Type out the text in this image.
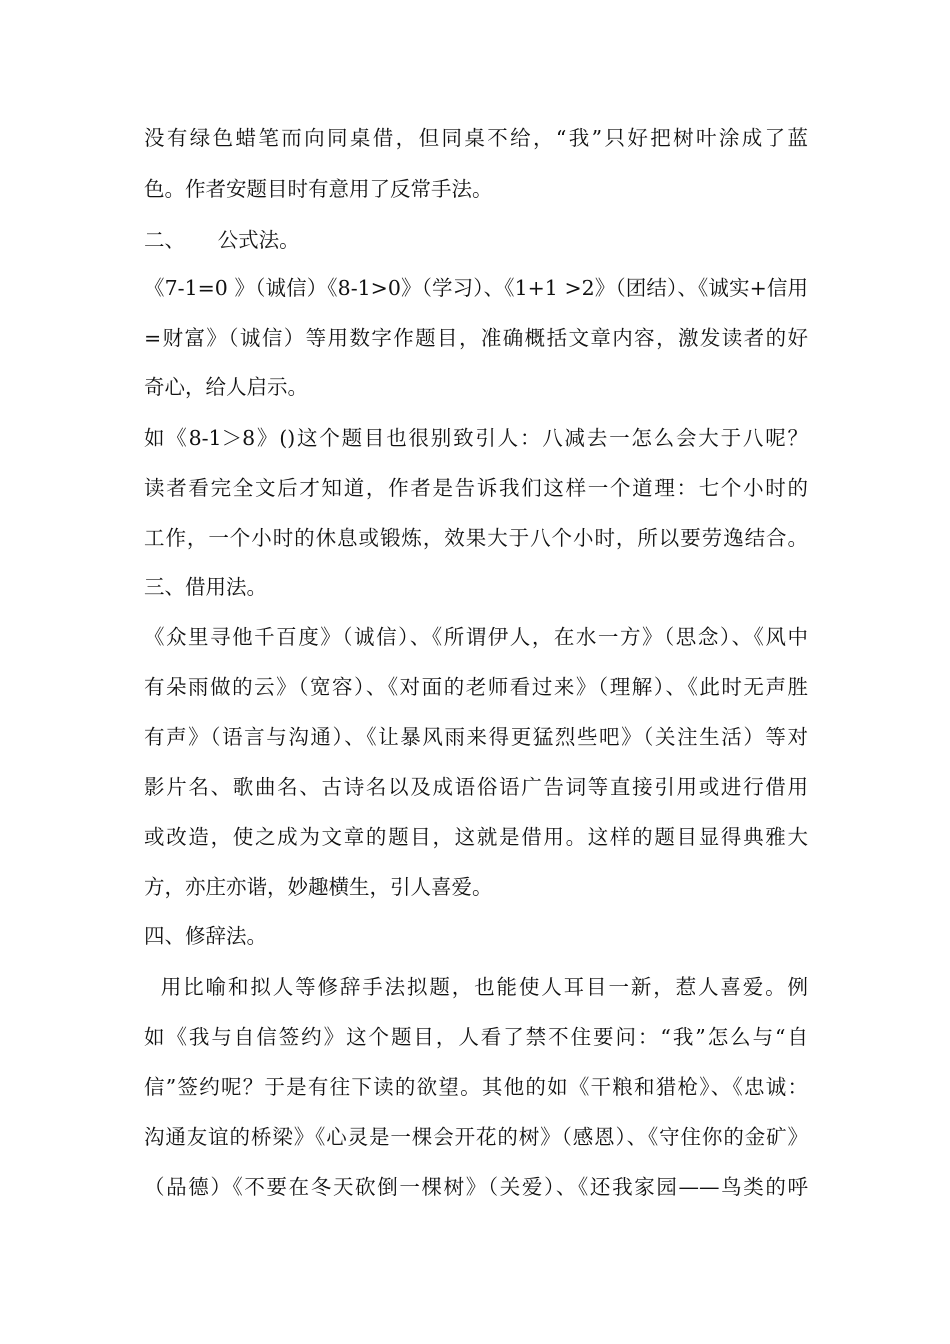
没有绿色蜡笔而向同桌借，但同桌不给，“我”只好把树叶涂成了蓝
色。作者安题目时有意用了反常手法。
二、     公式法。
《7-1=0 》（诚信）《8-1>0》（学习）、《1+1 >2》（团结）、《诚实+信用
=财富》（诚信）等用数字作题目，准确概括文章内容，激发读者的好
奇心，给人启示。
如《8-1＞8》()这个题目也很别致引人：八减去一怎么会大于八呢？
读者看完全文后才知道，作者是告诉我们这样一个道理：七个小时的
工作，一个小时的休息或锻炼，效果大于八个小时，所以要劳逸结合。
三、借用法。
《众里寻他千百度》（诚信）、《所谓伊人，在水一方》（思念）、《风中
有朵雨做的云》（宽容）、《对面的老师看过来》（理解）、《此时无声胜
有声》（语言与沟通）、《让暴风雨来得更猛烈些吧》（关注生活）等对
影片名、歌曲名、古诗名以及成语俗语广告词等直接引用或进行借用
或改造，使之成为文章的题目，这就是借用。这样的题目显得典雅大
方，亦庄亦谐，妙趣横生，引人喜爱。
四、修辞法。
用比喻和拟人等修辞手法拟题，也能使人耳目一新，惹人喜爱。例
如《我与自信签约》这个题目，人看了禁不住要问：“我”怎么与“自
信”签约呢？于是有往下读的欲望。其他的如《干粮和猎枪》、《忠诚：
沟通友谊的桥梁》《心灵是一棵会开花的树》（感恩）、《守住你的金矿》
（品德）《不要在冬天砍倒一棵树》（关爱）、《还我家园——鸟类的呼
